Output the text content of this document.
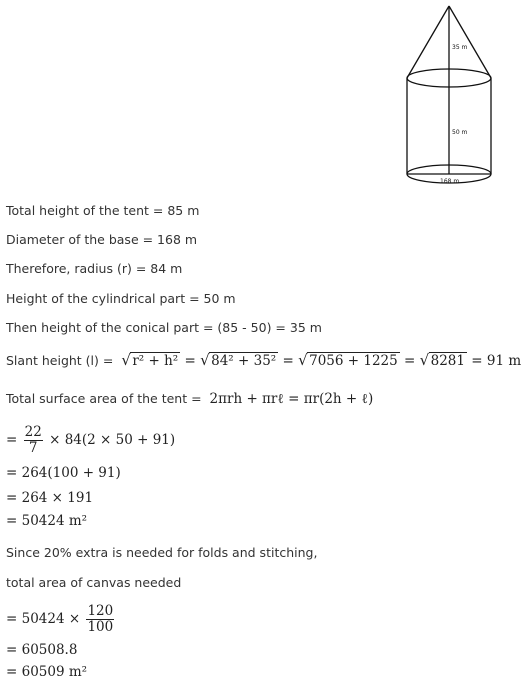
35 m
50 m
168 m
Total height of the tent = 85 m
Diameter of the base = 168 m
Therefore, radius (r) = 84 m
Height of the cylindrical part = 50 m
Then height of the conical part = (85 - 50) = 35 m
Slant height (l) = √ r² + h² = √ 84² + 35² = √ 7056 + 1225 = √ 8281 = 91 m
Total surface area of the tent = 2πrh + πrℓ = πr(2h + ℓ)
= $\frac{22}{7} \times 84(2 \times 50 + 91)$
= 264(100 + 91)
= 264 × 191
= 50424 m²
Since 20% extra is needed for folds and stitching,
total area of canvas needed
= $50424 \times \frac{120}{100}$
= 60508.8
= 60509 m²
